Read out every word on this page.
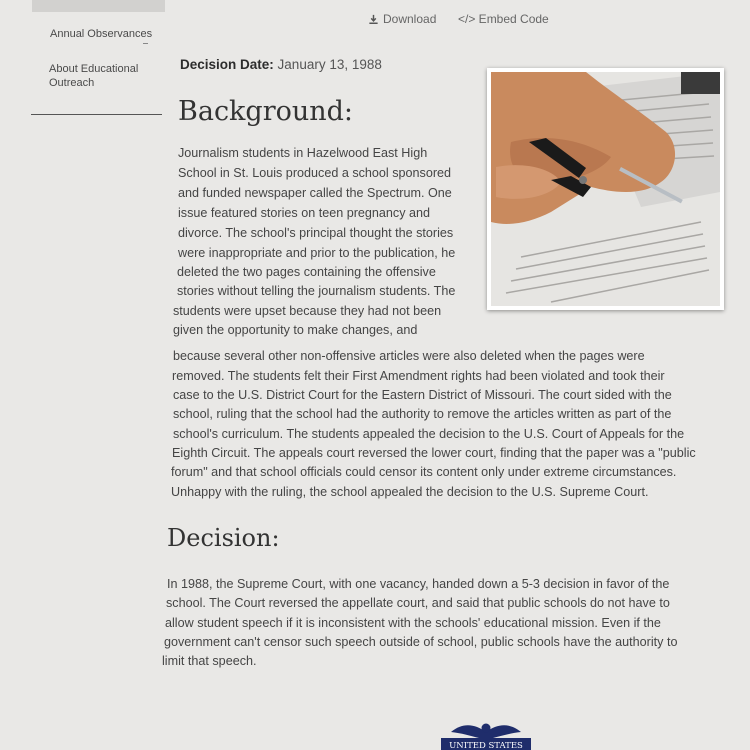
Annual Observances
About Educational Outreach
Download </> Embed Code
Decision Date: January 13, 1988
Background:
Journalism students in Hazelwood East High
School in St. Louis produced a school sponsored
and funded newspaper called the Spectrum. One
issue featured stories on teen pregnancy and
divorce. The school's principal thought the stories
were inappropriate and prior to the publication, he
deleted the two pages containing the offensive
stories without telling the journalism students. The
students were upset because they had not been
given the opportunity to make changes, and
because several other non-offensive articles were also deleted when the pages were
removed. The students felt their First Amendment rights had been violated and took their
case to the U.S. District Court for the Eastern District of Missouri. The court sided with the
school, ruling that the school had the authority to remove the articles written as part of the
school's curriculum. The students appealed the decision to the U.S. Court of Appeals for the
Eighth Circuit. The appeals court reversed the lower court, finding that the paper was a "public
forum" and that school officials could censor its content only under extreme circumstances.
Unhappy with the ruling, the school appealed the decision to the U.S. Supreme Court.
Decision:
In 1988, the Supreme Court, with one vacancy, handed down a 5-3 decision in favor of the
school. The Court reversed the appellate court, and said that public schools do not have to
allow student speech if it is inconsistent with the schools' educational mission. Even if the
government can't censor such speech outside of school, public schools have the authority to
limit that speech.
UNITED STATES
